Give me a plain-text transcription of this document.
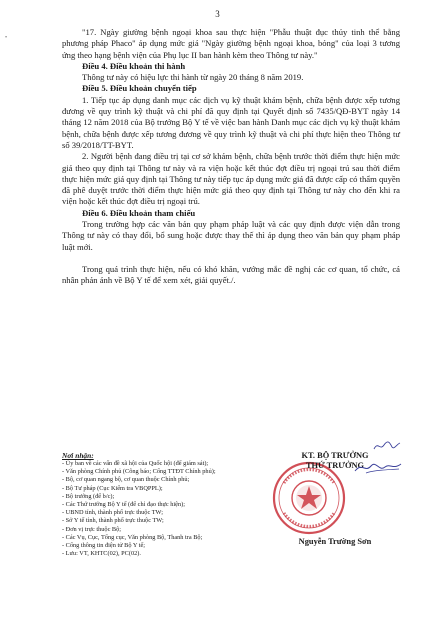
3
•

"17. Ngày giường bệnh ngoại khoa sau thực hiện "Phẫu thuật đục thủy tinh thể bằng phương pháp Phaco" áp dụng mức giá "Ngày giường bệnh ngoại khoa, bỏng" của loại 3 tương ứng theo hạng bệnh viện của Phụ lục II ban hành kèm theo Thông tư này."

Điều 4. Điều khoản thi hành

Thông tư này có hiệu lực thi hành từ ngày 20 tháng 8 năm 2019.

Điều 5. Điều khoản chuyển tiếp

1. Tiếp tục áp dụng danh mục các dịch vụ kỹ thuật khám bệnh, chữa bệnh được xếp tương đương về quy trình kỹ thuật và chi phí đã quy định tại Quyết định số 7435/QĐ-BYT ngày 14 tháng 12 năm 2018 của Bộ trưởng Bộ Y tế về việc ban hành Danh mục các dịch vụ kỹ thuật khám bệnh, chữa bệnh được xếp tương đương về quy trình kỹ thuật và chi phí thực hiện theo Thông tư số 39/2018/TT-BYT.

2. Người bệnh đang điều trị tại cơ sở khám bệnh, chữa bệnh trước thời điểm thực hiện mức giá theo quy định tại Thông tư này và ra viện hoặc kết thúc đợt điều trị ngoại trú sau thời điểm thực hiện mức giá quy định tại Thông tư này tiếp tục áp dụng mức giá đã được cấp có thẩm quyền đã phê duyệt trước thời điểm thực hiện mức giá theo quy định tại Thông tư này cho đến khi ra viện hoặc kết thúc đợt điều trị ngoại trú.

Điều 6. Điều khoản tham chiếu

Trong trường hợp các văn bản quy phạm pháp luật và các quy định được viện dẫn trong Thông tư này có thay đổi, bổ sung hoặc được thay thế thì áp dụng theo văn bản quy phạm pháp luật mới.

Trong quá trình thực hiện, nếu có khó khăn, vướng mắc đề nghị các cơ quan, tổ chức, cá nhân phản ánh về Bộ Y tế để xem xét, giải quyết./.

Nơi nhận:
- Ủy ban về các vấn đề xã hội của Quốc hội (để giám sát);
- Văn phòng Chính phủ (Công báo; Cổng TTĐT Chính phủ);
- Bộ, cơ quan ngang bộ, cơ quan thuộc Chính phủ;
- Bộ Tư pháp (Cục Kiểm tra VBQPPL);
- Bộ trưởng (để b/c);
- Các Thứ trưởng Bộ Y tế (để chỉ đạo thực hiện);
- UBND tỉnh, thành phố trực thuộc TW;
- Sở Y tế tỉnh, thành phố trực thuộc TW;
- Đơn vị trực thuộc Bộ;
- Các Vụ, Cục, Tổng cục, Văn phòng Bộ, Thanh tra Bộ;
- Cổng thông tin điện tử Bộ Y tế;
- Lưu: VT, KHTC(02), PC(02).
KT. BỘ TRƯỞNG
THỨ TRƯỞNG
Nguyễn Trường Sơn
